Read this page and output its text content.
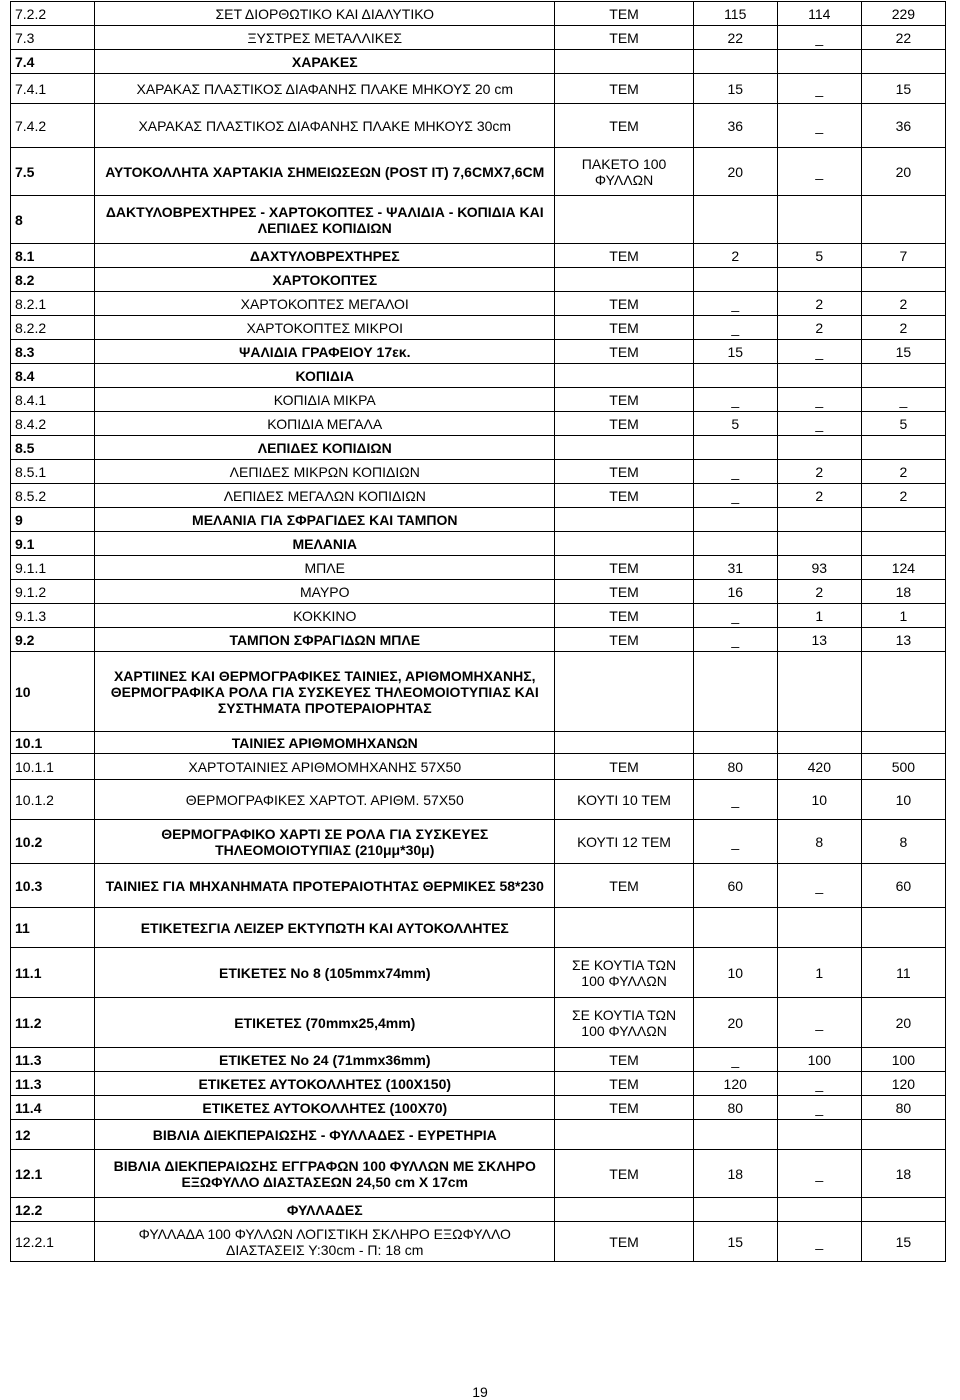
7.2.2	ΣΕΤ ΔΙΟΡΘΩΤΙΚΟ ΚΑΙ ΔΙΑΛΥΤΙΚΟ	ΤΕΜ	115	114	229
7.3	ΞΥΣΤΡΕΣ ΜΕΤΑΛΛΙΚΕΣ	ΤΕΜ	22	_	22
7.4	ΧΑΡΑΚΕΣ				
7.4.1	ΧΑΡΑΚΑΣ ΠΛΑΣΤΙΚΟΣ ΔΙΑΦΑΝΗΣ ΠΛΑΚΕ ΜΗΚΟΥΣ 20 cm	ΤΕΜ	15	_	15
7.4.2	ΧΑΡΑΚΑΣ ΠΛΑΣΤΙΚΟΣ ΔΙΑΦΑΝΗΣ ΠΛΑΚΕ ΜΗΚΟΥΣ 30cm	ΤΕΜ	36	_	36
7.5	ΑΥΤΟΚΟΛΛΗΤΑ ΧΑΡΤΑΚΙΑ ΣΗΜΕΙΩΣΕΩΝ (POST IT) 7,6CMX7,6CM	ΠΑΚΕΤΟ 100 ΦΥΛΛΩΝ	20	_	20
8	ΔΑΚΤΥΛΟΒΡΕΧΤΗΡΕΣ - ΧΑΡΤΟΚΟΠΤΕΣ - ΨΑΛΙΔΙΑ - ΚΟΠΙΔΙΑ ΚΑΙ ΛΕΠΙΔΕΣ ΚΟΠΙΔΙΩΝ				
8.1	ΔΑΧΤΥΛΟΒΡΕΧΤΗΡΕΣ	ΤΕΜ	2	5	7
8.2	ΧΑΡΤΟΚΟΠΤΕΣ				
8.2.1	ΧΑΡΤΟΚΟΠΤΕΣ ΜΕΓΑΛΟΙ	ΤΕΜ	_	2	2
8.2.2	ΧΑΡΤΟΚΟΠΤΕΣ ΜΙΚΡΟΙ	ΤΕΜ	_	2	2
8.3	ΨΑΛΙΔΙΑ ΓΡΑΦΕΙΟΥ 17εκ.	ΤΕΜ	15	_	15
8.4	ΚΟΠΙΔΙΑ				
8.4.1	ΚΟΠΙΔΙΑ ΜΙΚΡΑ	ΤΕΜ	_	_	_
8.4.2	ΚΟΠΙΔΙΑ ΜΕΓΑΛΑ	ΤΕΜ	5	_	5
8.5	ΛΕΠΙΔΕΣ ΚΟΠΙΔΙΩΝ				
8.5.1	ΛΕΠΙΔΕΣ ΜΙΚΡΩΝ ΚΟΠΙΔΙΩΝ	ΤΕΜ	_	2	2
8.5.2	ΛΕΠΙΔΕΣ ΜΕΓΑΛΩΝ ΚΟΠΙΔΙΩΝ	ΤΕΜ	_	2	2
9	ΜΕΛΑΝΙΑ ΓΙΑ ΣΦΡΑΓΙΔΕΣ ΚΑΙ ΤΑΜΠΟΝ				
9.1	ΜΕΛΑΝΙΑ				
9.1.1	ΜΠΛΕ	ΤΕΜ	31	93	124
9.1.2	ΜΑΥΡΟ	ΤΕΜ	16	2	18
9.1.3	ΚΟΚΚΙΝΟ	ΤΕΜ	_	1	1
9.2	ΤΑΜΠΟΝ ΣΦΡΑΓΙΔΩΝ ΜΠΛΕ	ΤΕΜ	_	13	13
10	ΧΑΡΤΙΙΝΕΣ ΚΑΙ ΘΕΡΜΟΓΡΑΦΙΚΕΣ ΤΑΙΝΙΕΣ, ΑΡΙΘΜΟΜΗΧΑΝΗΣ, ΘΕΡΜΟΓΡΑΦΙΚΑ ΡΟΛΑ ΓΙΑ ΣΥΣΚΕΥΕΣ ΤΗΛΕΟΜΟΙΟΤΥΠΙΑΣ ΚΑΙ ΣΥΣΤΗΜΑΤΑ ΠΡΟΤΕΡΑΙΟΡΗΤΑΣ				
10.1	ΤΑΙΝΙΕΣ ΑΡΙΘΜΟΜΗΧΑΝΩΝ				
10.1.1	ΧΑΡΤΟΤΑΙΝΙΕΣ ΑΡΙΘΜΟΜΗΧΑΝΗΣ 57Χ50	ΤΕΜ	80	420	500
10.1.2	ΘΕΡΜΟΓΡΑΦΙΚΕΣ ΧΑΡΤΟΤ. ΑΡΙΘΜ. 57Χ50	ΚΟΥΤΙ 10 ΤΕΜ	_	10	10
10.2	ΘΕΡΜΟΓΡΑΦΙΚΟ ΧΑΡΤΙ ΣΕ ΡΟΛΑ ΓΙΑ ΣΥΣΚΕΥΕΣ ΤΗΛΕΟΜΟΙΟΤΥΠΙΑΣ (210μμ*30μ)	ΚΟΥΤΙ 12 ΤΕΜ	_	8	8
10.3	ΤΑΙΝΙΕΣ ΓΙΑ ΜΗΧΑΝΗΜΑΤΑ ΠΡΟΤΕΡΑΙΟΤΗΤΑΣ ΘΕΡΜΙΚΕΣ 58*230	ΤΕΜ	60	_	60
11	ΕΤΙΚΕΤΕΣΓΙΑ ΛΕΙΖΕΡ ΕΚΤΥΠΩΤΗ ΚΑΙ ΑΥΤΟΚΟΛΛΗΤΕΣ				
11.1	ΕΤΙΚΕΤΕΣ Νο 8 (105mmx74mm)	ΣΕ ΚΟΥΤΙΑ ΤΩΝ 100 ΦΥΛΛΩΝ	10	1	11
11.2	ΕΤΙΚΕΤΕΣ (70mmx25,4mm)	ΣΕ ΚΟΥΤΙΑ ΤΩΝ 100 ΦΥΛΛΩΝ	20	_	20
11.3	ΕΤΙΚΕΤΕΣ Νο 24 (71mmx36mm)	ΤΕΜ	_	100	100
11.3	ΕΤΙΚΕΤΕΣ ΑΥΤΟΚΟΛΛΗΤΕΣ (100Χ150)	ΤΕΜ	120	_	120
11.4	ΕΤΙΚΕΤΕΣ ΑΥΤΟΚΟΛΛΗΤΕΣ (100Χ70)	ΤΕΜ	80	_	80
12	ΒΙΒΛΙΑ ΔΙΕΚΠΕΡΑΙΩΣΗΣ - ΦΥΛΛΑΔΕΣ - ΕΥΡΕΤΗΡΙΑ				
12.1	ΒΙΒΛΙΑ ΔΙΕΚΠΕΡΑΙΩΣΗΣ ΕΓΓΡΑΦΩΝ 100 ΦΥΛΛΩΝ ΜΕ ΣΚΛΗΡΟ ΕΞΩΦΥΛΛΟ ΔΙΑΣΤΑΣΕΩΝ 24,50 cm Χ 17cm	ΤΕΜ	18	_	18
12.2	ΦΥΛΛΑΔΕΣ				
12.2.1	ΦΥΛΛΑΔΑ 100 ΦΥΛΛΩΝ ΛΟΓΙΣΤΙΚΗ ΣΚΛΗΡΟ ΕΞΩΦΥΛΛΟ ΔΙΑΣΤΑΣΕΙΣ Υ:30cm - Π: 18 cm	ΤΕΜ	15	_	15
19
